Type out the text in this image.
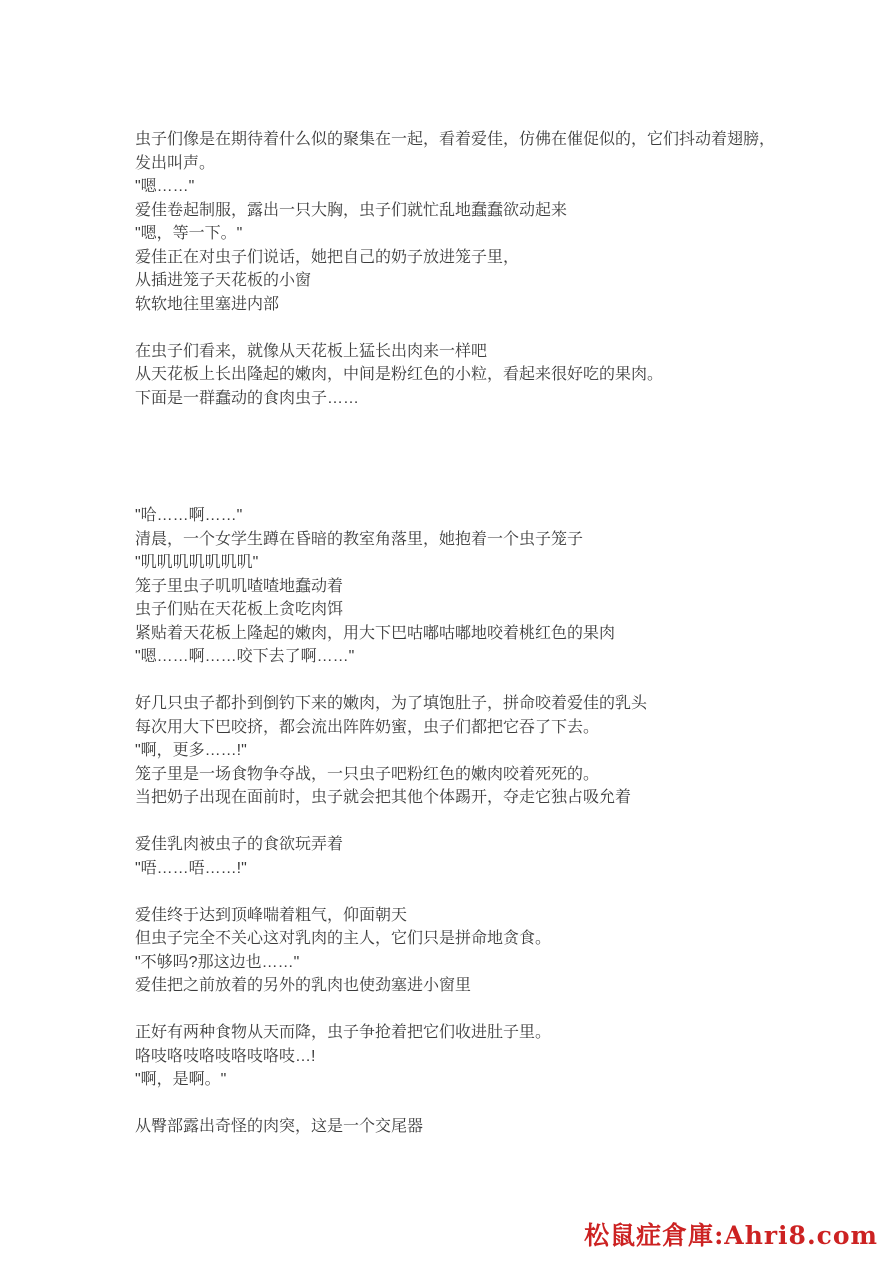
虫子们像是在期待着什么似的聚集在一起，看着爱佳，仿佛在催促似的，它们抖动着翅膀，
发出叫声。
"嗯……"
爱佳卷起制服，露出一只大胸，虫子们就忙乱地蠢蠢欲动起来
"嗯，等一下。"
爱佳正在对虫子们说话，她把自己的奶子放进笼子里，
从插进笼子天花板的小窗
软软地往里塞进内部

在虫子们看来，就像从天花板上猛长出肉来一样吧
从天花板上长出隆起的嫩肉，中间是粉红色的小粒，看起来很好吃的果肉。
下面是一群蠢动的食肉虫子……

"哈……啊……"
清晨，一个女学生蹲在昏暗的教室角落里，她抱着一个虫子笼子
"叽叽叽叽叽叽叽"
笼子里虫子叽叽喳喳地蠢动着
虫子们贴在天花板上贪吃肉饵
紧贴着天花板上隆起的嫩肉，用大下巴咕嘟咕嘟地咬着桃红色的果肉
"嗯……啊……咬下去了啊……"

好几只虫子都扑到倒钓下来的嫩肉，为了填饱肚子，拼命咬着爱佳的乳头
每次用大下巴咬挤，都会流出阵阵奶蜜，虫子们都把它吞了下去。
"啊，更多……!"
笼子里是一场食物争夺战，一只虫子吧粉红色的嫩肉咬着死死的。
当把奶子出现在面前时，虫子就会把其他个体踢开，夺走它独占吸允着

爱佳乳肉被虫子的食欲玩弄着
"唔……唔……!"

爱佳终于达到顶峰喘着粗气，仰面朝天
但虫子完全不关心这对乳肉的主人，它们只是拼命地贪食。
"不够吗?那这边也……"
爱佳把之前放着的另外的乳肉也使劲塞进小窗里

正好有两种食物从天而降，虫子争抢着把它们收进肚子里。
咯吱咯吱咯吱咯吱咯吱…!
"啊，是啊。"

从臀部露出奇怪的肉突，这是一个交尾器
松鼠症倉庫:Ahri8.com
